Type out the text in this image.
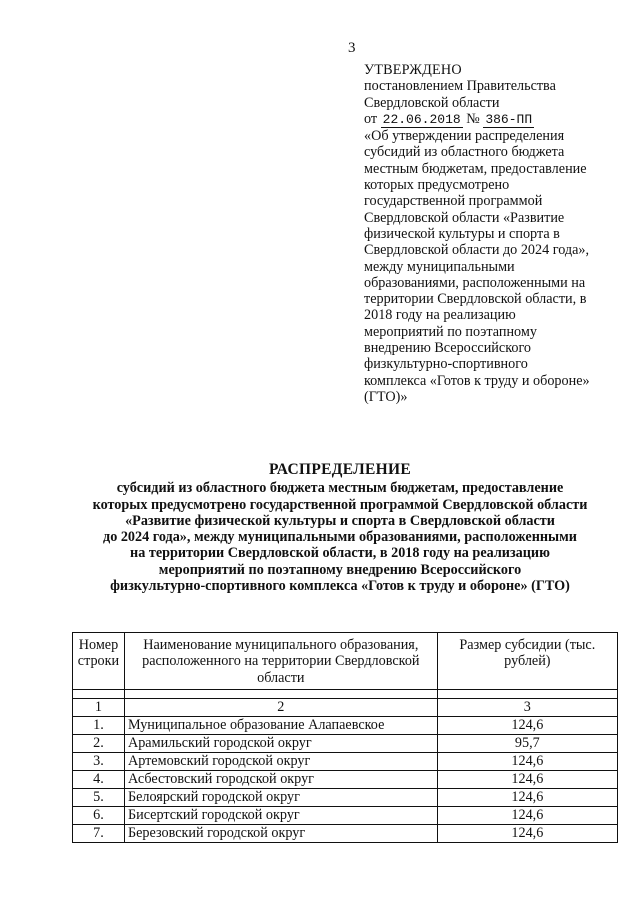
3
УТВЕРЖДЕНО
постановлением Правительства
Свердловской области
от 22.06.2018 № 386-ПП
«Об утверждении распределения
субсидий из областного бюджета
местным бюджетам, предоставление
которых предусмотрено
государственной программой
Свердловской области «Развитие
физической культуры и спорта в
Свердловской области до 2024 года»,
между муниципальными
образованиями, расположенными на
территории Свердловской области, в
2018 году на реализацию
мероприятий по поэтапному
внедрению Всероссийского
физкультурно-спортивного
комплекса «Готов к труду и обороне»
(ГТО)»
РАСПРЕДЕЛЕНИЕ
субсидий из областного бюджета местным бюджетам, предоставление
которых предусмотрено государственной программой Свердловской области
«Развитие физической культуры и спорта в Свердловской области
до 2024 года», между муниципальными образованиями, расположенными
на территории Свердловской области, в 2018 году на реализацию
мероприятий по поэтапному внедрению Всероссийского
физкультурно-спортивного комплекса «Готов к труду и обороне» (ГТО)
Номер строки	Наименование муниципального образования, расположенного на территории Свердловской области	Размер субсидии (тыс. рублей)

1	2	3
1.	Муниципальное образование Алапаевское	124,6
2.	Арамильский городской округ	95,7
3.	Артемовский городской округ	124,6
4.	Асбестовский городской округ	124,6
5.	Белоярский городской округ	124,6
6.	Бисертский городской округ	124,6
7.	Березовский городской округ	124,6
